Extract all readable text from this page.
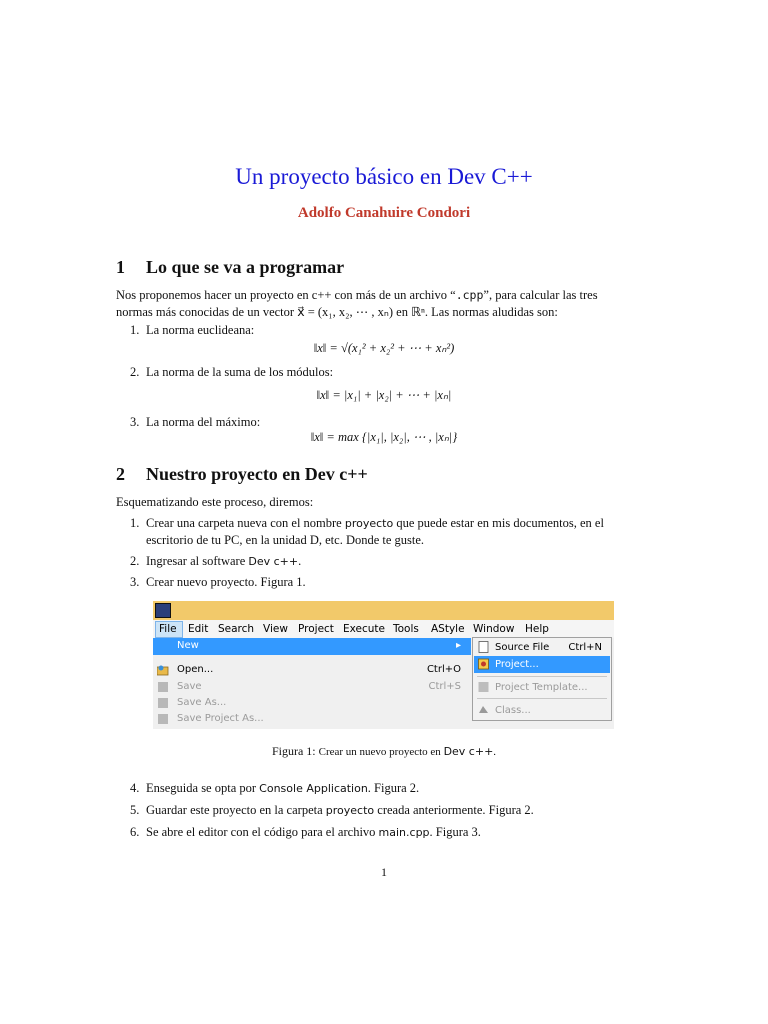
Un proyecto básico en Dev C++
Adolfo Canahuire Condori
1 Lo que se va a programar
Nos proponemos hacer un proyecto en c++ con más de un archivo “.cpp”, para calcular las tres
normas más conocidas de un vector x⃗ = (x₁, x₂, ⋯ , xₙ) en ℝⁿ. Las normas aludidas son:
1. La norma euclideana:
‖x‖ = √(x₁² + x₂² + ⋯ + xₙ²)
2. La norma de la suma de los módulos:
‖x‖ = |x₁| + |x₂| + ⋯ + |xₙ|
3. La norma del máximo:
‖x‖ = max {|x₁|, |x₂|, ⋯ , |xₙ|}
2 Nuestro proyecto en Dev c++
Esquematizando este proceso, diremos:
1. Crear una carpeta nueva con el nombre proyecto que puede estar en mis documentos, en el
escritorio de tu PC, en la unidad D, etc. Donde te guste.
2. Ingresar al software Dev c++.
3. Crear nuevo proyecto. Figura 1.
File Edit Search View Project Execute Tools AStyle Window Help
New	▸
Open...	Ctrl+O
Save	Ctrl+S
Save As...
Save Project As...
Source File Ctrl+N
Project...
Project Template...
Class...
Figura 1: Crear un nuevo proyecto en Dev c++.
4. Enseguida se opta por Console Application. Figura 2.
5. Guardar este proyecto en la carpeta proyecto creada anteriormente. Figura 2.
6. Se abre el editor con el código para el archivo main.cpp. Figura 3.
1
